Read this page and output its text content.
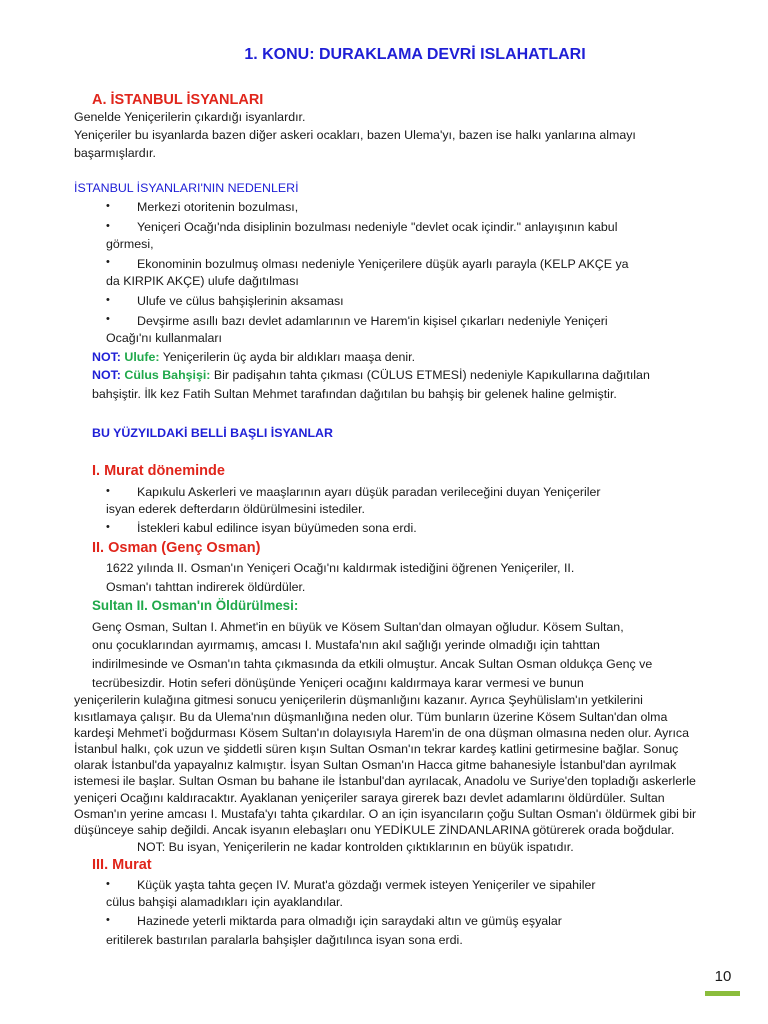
1. KONU: DURAKLAMA DEVRİ ISLAHATLARI
A. İSTANBUL İSYANLARI
Genelde Yeniçerilerin çıkardığı isyanlardır.
Yeniçeriler bu isyanlarda bazen diğer askeri ocakları, bazen Ulema'yı, bazen ise halkı yanlarına almayı
başarmışlardır.
İSTANBUL İSYANLARI'NIN NEDENLERİ
• Merkezi otoritenin bozulması,
• Yeniçeri Ocağı'nda disiplinin bozulması nedeniyle "devlet ocak içindir." anlayışının kabul
görmesi,
• Ekonominin bozulmuş olması nedeniyle Yeniçerilere düşük ayarlı parayla (KELP AKÇE ya
da KIRPIK AKÇE) ulufe dağıtılması
• Ulufe ve cülus bahşişlerinin aksaması
• Devşirme asıllı bazı devlet adamlarının ve Harem'in kişisel çıkarları nedeniyle Yeniçeri
Ocağı'nı kullanmaları
NOT: Ulufe: Yeniçerilerin üç ayda bir aldıkları maaşa denir.
NOT: Cülus Bahşişi: Bir padişahın tahta çıkması (CÜLUS ETMESİ) nedeniyle Kapıkullarına dağıtılan
bahşiştir. İlk kez Fatih Sultan Mehmet tarafından dağıtılan bu bahşiş bir gelenek haline gelmiştir.
BU YÜZYILDAKİ BELLİ BAŞLI İSYANLAR
I. Murat döneminde
• Kapıkulu Askerleri ve maaşlarının ayarı düşük paradan verileceğini duyan Yeniçeriler
isyan ederek defterdarın öldürülmesini istediler.
• İstekleri kabul edilince isyan büyümeden sona erdi.
II. Osman (Genç Osman)
1622 yılında II. Osman'ın Yeniçeri Ocağı'nı kaldırmak istediğini öğrenen Yeniçeriler, II.
Osman'ı tahttan indirerek öldürdüler.
Sultan II. Osman'ın Öldürülmesi:
Genç Osman, Sultan I. Ahmet'in en büyük ve Kösem Sultan'dan olmayan oğludur. Kösem Sultan,
onu çocuklarından ayırmamış, amcası I. Mustafa'nın akıl sağlığı yerinde olmadığı için tahttan
indirilmesinde ve Osman'ın tahta çıkmasında da etkili olmuştur. Ancak Sultan Osman oldukça Genç ve
tecrübesizdir. Hotin seferi dönüşünde Yeniçeri ocağını kaldırmaya karar vermesi ve bunun
yeniçerilerin kulağına gitmesi sonucu yeniçerilerin düşmanlığını kazanır. Ayrıca Şeyhülislam'ın yetkilerini
kısıtlamaya çalışır. Bu da Ulema'nın düşmanlığına neden olur. Tüm bunların üzerine Kösem Sultan'dan olma
kardeşi Mehmet'i boğdurması Kösem Sultan'ın dolayısıyla Harem'in de ona düşman olmasına neden olur. Ayrıca
İstanbul halkı, çok uzun ve şiddetli süren kışın Sultan Osman'ın tekrar kardeş katlini getirmesine bağlar. Sonuç
olarak İstanbul'da yapayalnız kalmıştır. İsyan Sultan Osman'ın Hacca gitme bahanesiyle İstanbul'dan ayrılmak
istemesi ile başlar. Sultan Osman bu bahane ile İstanbul'dan ayrılacak, Anadolu ve Suriye'den topladığı askerlerle
yeniçeri Ocağını kaldıracaktır. Ayaklanan yeniçeriler saraya girerek bazı devlet adamlarını öldürdüler. Sultan
Osman'ın yerine amcası I. Mustafa'yı tahta çıkardılar. O an için isyancıların çoğu Sultan Osman'ı öldürmek gibi bir
düşünceye sahip değildi. Ancak isyanın elebaşları onu YEDİKULE ZİNDANLARINA götürerek orada boğdular.
NOT: Bu isyan, Yeniçerilerin ne kadar kontrolden çıktıklarının en büyük ispatıdır.
III. Murat
• Küçük yaşta tahta geçen IV. Murat'a gözdağı vermek isteyen Yeniçeriler ve sipahiler
cülus bahşişi alamadıkları için ayaklandılar.
• Hazinede yeterli miktarda para olmadığı için saraydaki altın ve gümüş eşyalar
eritilerek bastırılan paralarla bahşişler dağıtılınca isyan sona erdi.
10
